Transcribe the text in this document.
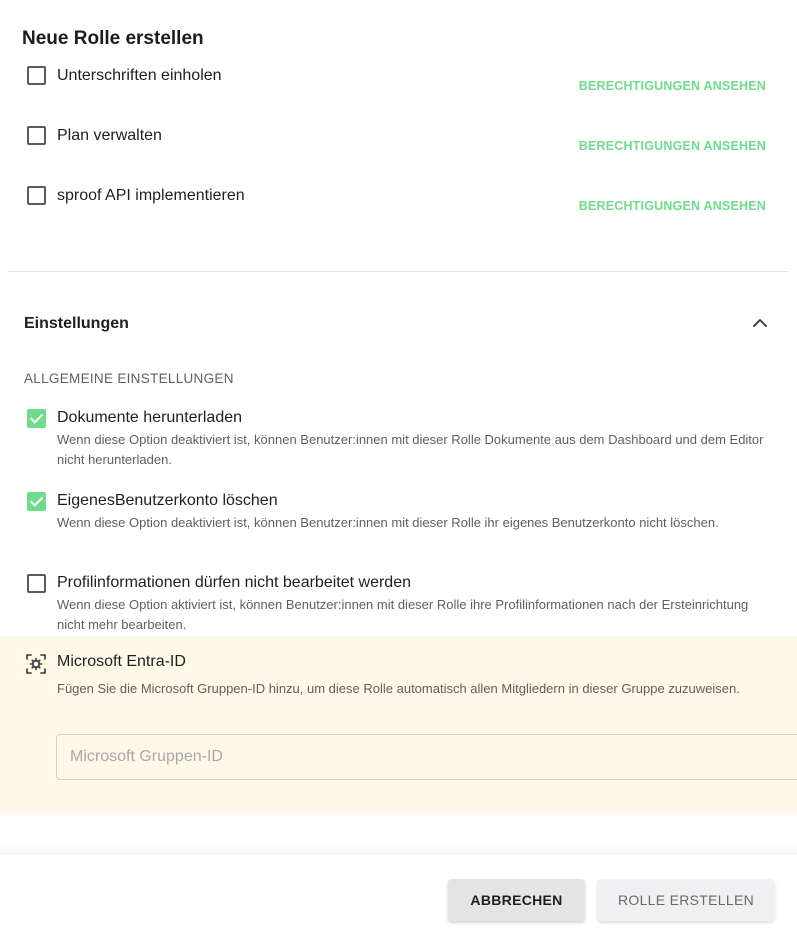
Neue Rolle erstellen
Unterschriften einholen
BERECHTIGUNGEN ANSEHEN
Plan verwalten
BERECHTIGUNGEN ANSEHEN
sproof API implementieren
BERECHTIGUNGEN ANSEHEN
Einstellungen
ALLGEMEINE EINSTELLUNGEN
Dokumente herunterladen
Wenn diese Option deaktiviert ist, können Benutzer:innen mit dieser Rolle Dokumente aus dem Dashboard und dem Editor nicht herunterladen.
EigenesBenutzerkonto löschen
Wenn diese Option deaktiviert ist, können Benutzer:innen mit dieser Rolle ihr eigenes Benutzerkonto nicht löschen.
Profilinformationen dürfen nicht bearbeitet werden
Wenn diese Option aktiviert ist, können Benutzer:innen mit dieser Rolle ihre Profilinformationen nach der Ersteinrichtung nicht mehr bearbeiten.
Microsoft Entra-ID
Fügen Sie die Microsoft Gruppen-ID hinzu, um diese Rolle automatisch allen Mitgliedern in dieser Gruppe zuzuweisen.
Microsoft Gruppen-ID
ABBRECHEN	ROLLE ERSTELLEN
